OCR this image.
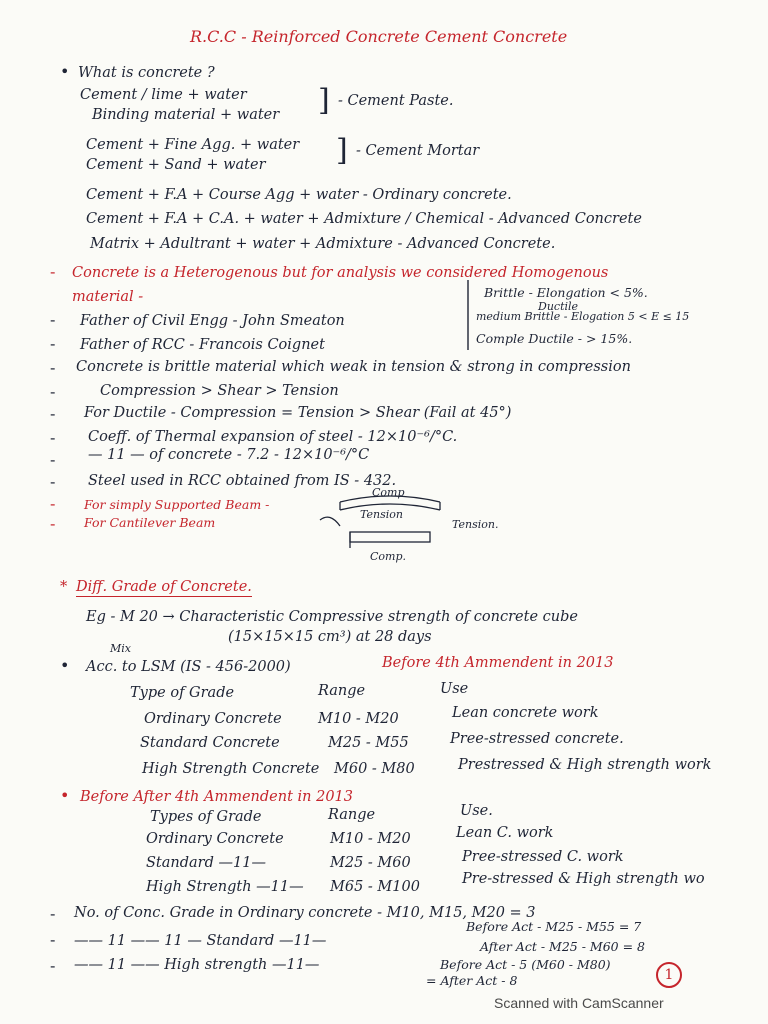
R.C.C - Reinforced Concrete Cement Concrete
• What is concrete ?
Cement / lime + water
Binding material + water ] - Cement Paste.
Cement + Fine Agg. + water
Cement + Sand + water ] - Cement Mortar
Cement + F.A + Course Agg + water - Ordinary concrete.
Cement + F.A + C.A. + water + Admixture / Chemical - Advanced Concrete
Matrix + Adultrant + water + Admixture - Advanced Concrete.
- Concrete is a Heterogenous but for analysis we considered Homogenous
material -
- Father of Civil Engg - John Smeaton
- Father of RCC - Francois Coignet
Brittle - Elongation < 5%.
Ductile
medium Brittle - Elogation 5 < E ≤ 15
Comple Ductile - > 15%.
- Concrete is brittle material which weak in tension & strong in compression
-	Compression > Shear > Tension
- For Ductile - Compression = Tension > Shear (Fail at 45°)
- Coeff. of Thermal expansion of steel - 12×10⁻⁶/°C.
- — 11 — of concrete - 7.2 - 12×10⁻⁶/°C
- Steel used in RCC obtained from IS - 432.
- For simply Supported Beam -
- For Cantilever Beam
Comp
Tension
Tension.
Comp.
* Diff. Grade of Concrete.
Eg - M 20 → Characteristic Compressive strength of concrete cube
(15×15×15 cm³) at 28 days
Mix
• Acc. to LSM (IS - 456-2000)	Before 4th Ammendent in 2013
Type of Grade	Range	Use
Ordinary Concrete	M10 - M20	Lean concrete work
Standard Concrete	M25 - M55	Pree-stressed concrete.
High Strength Concrete M60 - M80	Prestressed & High strength work
• Before After 4th Ammendent in 2013
Types of Grade	Range	Use.
Ordinary Concrete	M10 - M20	Lean C. work
Standard —11—	M25 - M60	Pree-stressed C. work
High Strength —11— M65 - M100	Pre-stressed & High strength wo
- No. of Conc. Grade in Ordinary concrete - M10, M15, M20 = 3
- —— 11 —— 11 — Standard —11—
Before Act - M25 - M55 = 7
After Act - M25 - M60 = 8
- —— 11 —— High strength —11—	Before Act - 5 (M60 - M80)
= After Act - 8	1
Scanned with CamScanner
